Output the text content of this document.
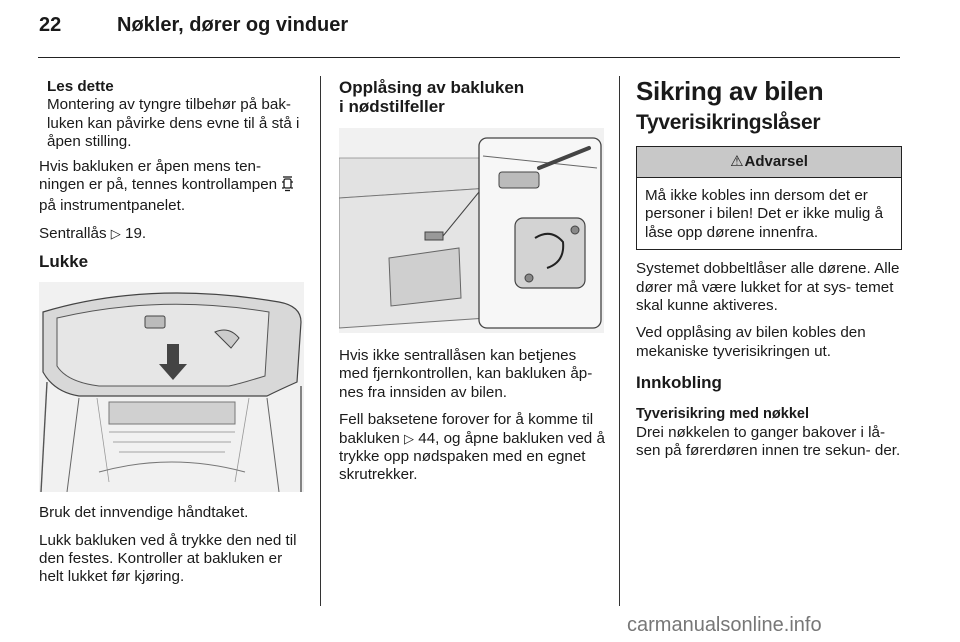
22	Nøkler, dører og vinduer

Les dette

Montering av tyngre tilbehør på bak- luken kan påvirke dens evne til å stå i åpen stilling.

Hvis bakluken er åpen mens ten- ningen er på, tennes kontrollampen  på instrumentpanelet.

Sentrallås ▷ 19.

Lukke

Bruk det innvendige håndtaket.

Lukk bakluken ved å trykke den ned til den festes. Kontroller at bakluken er helt lukket før kjøring.

Opplåsing av bakluken
i nødstilfeller

Hvis ikke sentrallåsen kan betjenes med fjernkontrollen, kan bakluken åp- nes fra innsiden av bilen.

Fell baksetene forover for å komme til bakluken ▷ 44, og åpne bakluken ved å trykke opp nødspaken med en egnet skrutrekker.

Sikring av bilen
Tyverisikringslåser
⚠ Advarsel
Må ikke kobles inn dersom det er personer i bilen! Det er ikke mulig å låse opp dørene innenfra.

Systemet dobbeltlåser alle dørene. Alle dører må være lukket for at sys- temet skal kunne aktiveres.

Ved opplåsing av bilen kobles den mekaniske tyverisikringen ut.

Innkobling
Tyverisikring med nøkkel

Drei nøkkelen to ganger bakover i lå- sen på førerdøren innen tre sekun- der.

carmanualsonline.info
